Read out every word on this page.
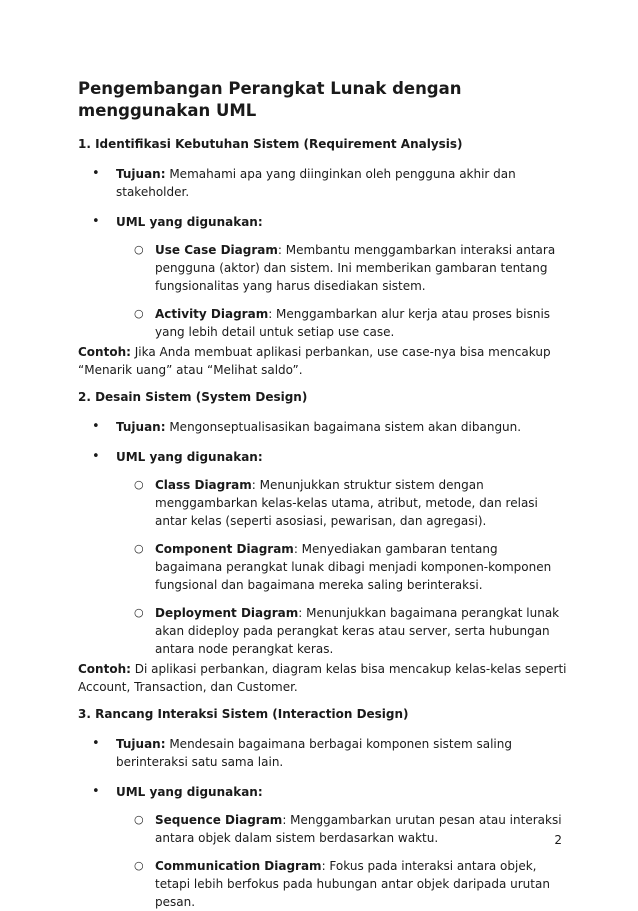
Pengembangan Perangkat Lunak dengan menggunakan UML
1. Identifikasi Kebutuhan Sistem (Requirement Analysis)
•
Tujuan: Memahami apa yang diinginkan oleh pengguna akhir dan stakeholder.
•
UML yang digunakan:
○
Use Case Diagram: Membantu menggambarkan interaksi antara pengguna (aktor) dan sistem. Ini memberikan gambaran tentang fungsionalitas yang harus disediakan sistem.
○
Activity Diagram: Menggambarkan alur kerja atau proses bisnis yang lebih detail untuk setiap use case.

Contoh: Jika Anda membuat aplikasi perbankan, use case-nya bisa mencakup “Menarik uang” atau “Melihat saldo”.

2. Desain Sistem (System Design)
•
Tujuan: Mengonseptualisasikan bagaimana sistem akan dibangun.
•
UML yang digunakan:
○
Class Diagram: Menunjukkan struktur sistem dengan menggambarkan kelas-kelas utama, atribut, metode, dan relasi antar kelas (seperti asosiasi, pewarisan, dan agregasi).
○
Component Diagram: Menyediakan gambaran tentang bagaimana perangkat lunak dibagi menjadi komponen-komponen fungsional dan bagaimana mereka saling berinteraksi.
○
Deployment Diagram: Menunjukkan bagaimana perangkat lunak akan dideploy pada perangkat keras atau server, serta hubungan antara node perangkat keras.

Contoh: Di aplikasi perbankan, diagram kelas bisa mencakup kelas-kelas seperti Account, Transaction, dan Customer.

3. Rancang Interaksi Sistem (Interaction Design)
•
Tujuan: Mendesain bagaimana berbagai komponen sistem saling berinteraksi satu sama lain.
•
UML yang digunakan:
○
Sequence Diagram: Menggambarkan urutan pesan atau interaksi antara objek dalam sistem berdasarkan waktu.
○
Communication Diagram: Fokus pada interaksi antara objek, tetapi lebih berfokus pada hubungan antar objek daripada urutan pesan.
2
